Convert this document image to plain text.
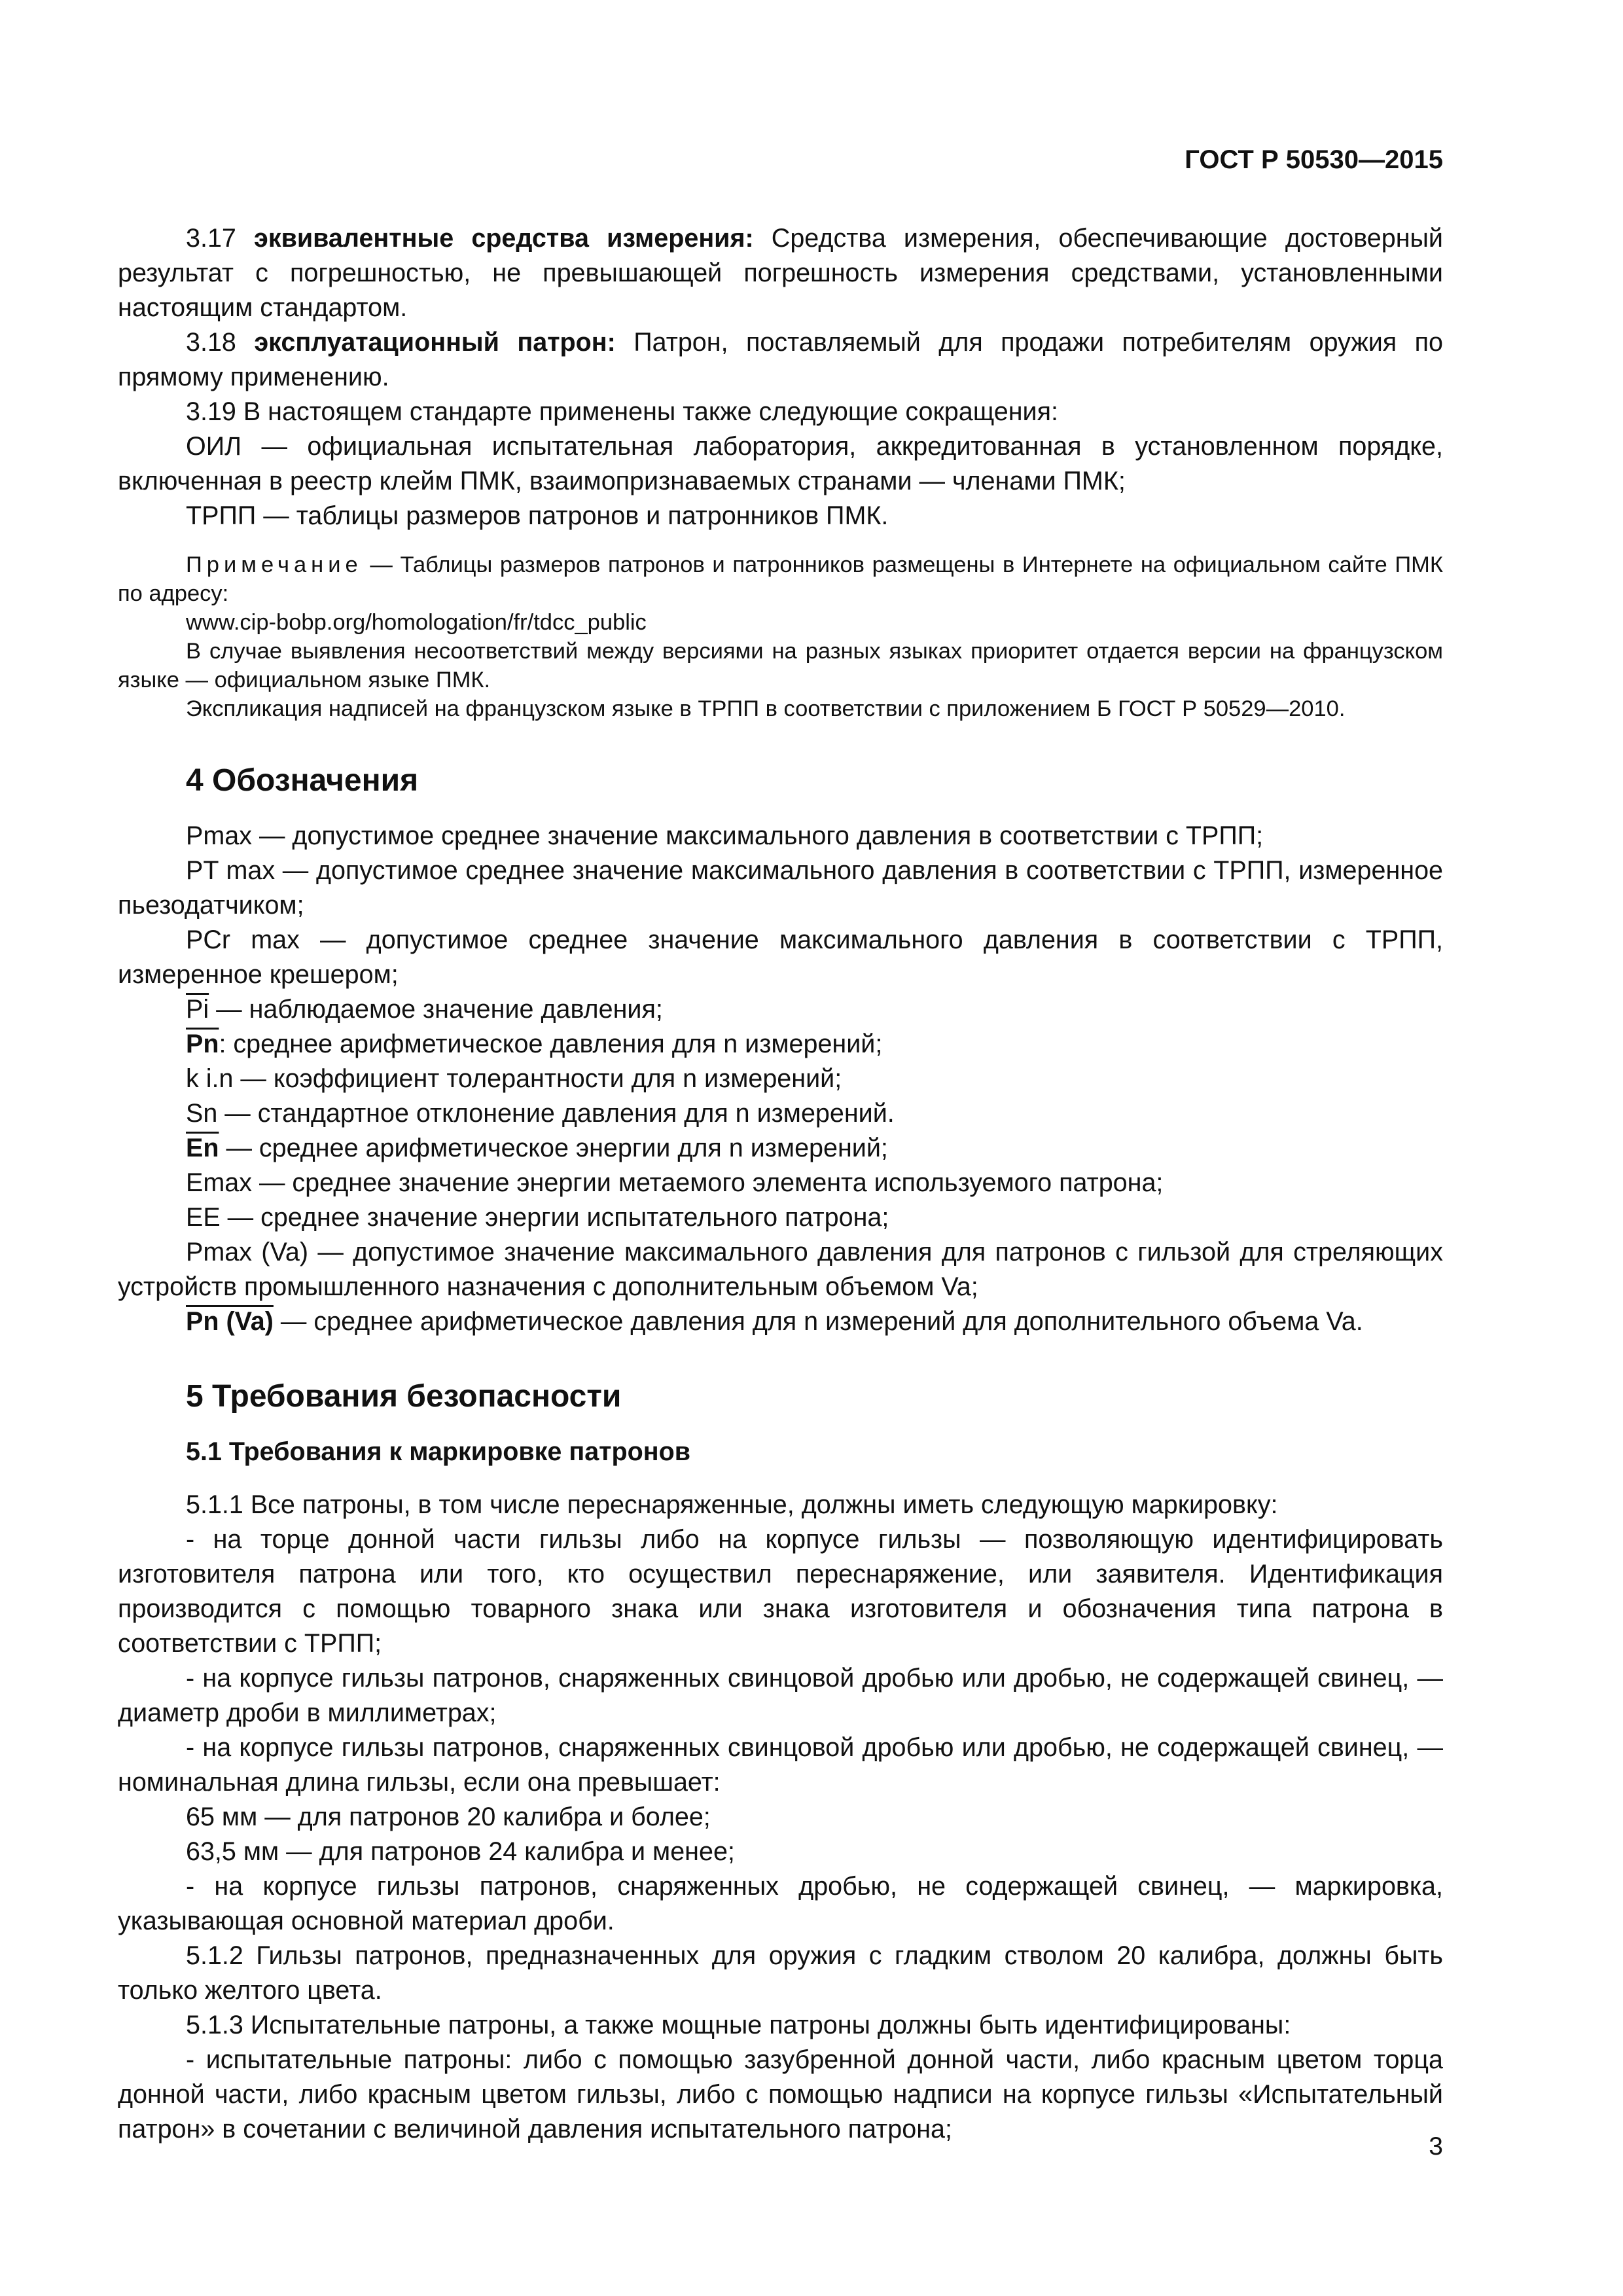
ГОСТ Р 50530—2015

3.17 эквивалентные средства измерения: Средства измерения, обеспечивающие достоверный результат с погрешностью, не превышающей погрешность измерения средствами, установленными настоящим стандартом.

3.18 эксплуатационный патрон: Патрон, поставляемый для продажи потребителям оружия по прямому применению.

3.19 В настоящем стандарте применены также следующие сокращения:

ОИЛ — официальная испытательная лаборатория, аккредитованная в установленном порядке, включенная в реестр клейм ПМК, взаимопризнаваемых странами — членами ПМК;

ТРПП — таблицы размеров патронов и патронников ПМК.

Примечание — Таблицы размеров патронов и патронников размещены в Интернете на официальном сайте ПМК по адресу:

www.cip-bobp.org/homologation/fr/tdcc_public

В случае выявления несоответствий между версиями на разных языках приоритет отдается версии на французском языке — официальном языке ПМК.

Экспликация надписей на французском языке в ТРПП в соответствии с приложением Б ГОСТ Р 50529—2010.

4 Обозначения

Pmax — допустимое среднее значение максимального давления в соответствии с ТРПП;

PT max — допустимое среднее значение максимального давления в соответствии с ТРПП, измеренное пьезодатчиком;

PCr max — допустимое среднее значение максимального давления в соответствии с ТРПП, измеренное крешером;

$\overline{Pi}$ — наблюдаемое значение давления;

$\overline{Pn}$: среднее арифметическое давления для n измерений;

k i.n — коэффициент толерантности для n измерений;

Sn — стандартное отклонение давления для n измерений.

$\overline{En}$ — среднее арифметическое энергии для n измерений;

Emax — среднее значение энергии метаемого элемента используемого патрона;

EE — среднее значение энергии испытательного патрона;

Pmax (Va) — допустимое значение максимального давления для патронов с гильзой для стреляющих устройств промышленного назначения с дополнительным объемом Va;

Pn (Va) — среднее арифметическое давления для n измерений для дополнительного объема Va.

5 Требования безопасности
5.1 Требования к маркировке патронов

5.1.1 Все патроны, в том числе переснаряженные, должны иметь следующую маркировку:

- на торце донной части гильзы либо на корпусе гильзы — позволяющую идентифицировать изготовителя патрона или того, кто осуществил переснаряжение, или заявителя. Идентификация производится с помощью товарного знака или знака изготовителя и обозначения типа патрона в соответствии с ТРПП;

- на корпусе гильзы патронов, снаряженных свинцовой дробью или дробью, не содержащей свинец, — диаметр дроби в миллиметрах;

- на корпусе гильзы патронов, снаряженных свинцовой дробью или дробью, не содержащей свинец, — номинальная длина гильзы, если она превышает:

65 мм — для патронов 20 калибра и более;

63,5 мм — для патронов 24 калибра и менее;

- на корпусе гильзы патронов, снаряженных дробью, не содержащей свинец, — маркировка, указывающая основной материал дроби.

5.1.2 Гильзы патронов, предназначенных для оружия с гладким стволом 20 калибра, должны быть только желтого цвета.

5.1.3 Испытательные патроны, а также мощные патроны должны быть идентифицированы:

- испытательные патроны: либо с помощью зазубренной донной части, либо красным цветом торца донной части, либо красным цветом гильзы, либо с помощью надписи на корпусе гильзы «Испытательный патрон» в сочетании с величиной давления испытательного патрона;

3
